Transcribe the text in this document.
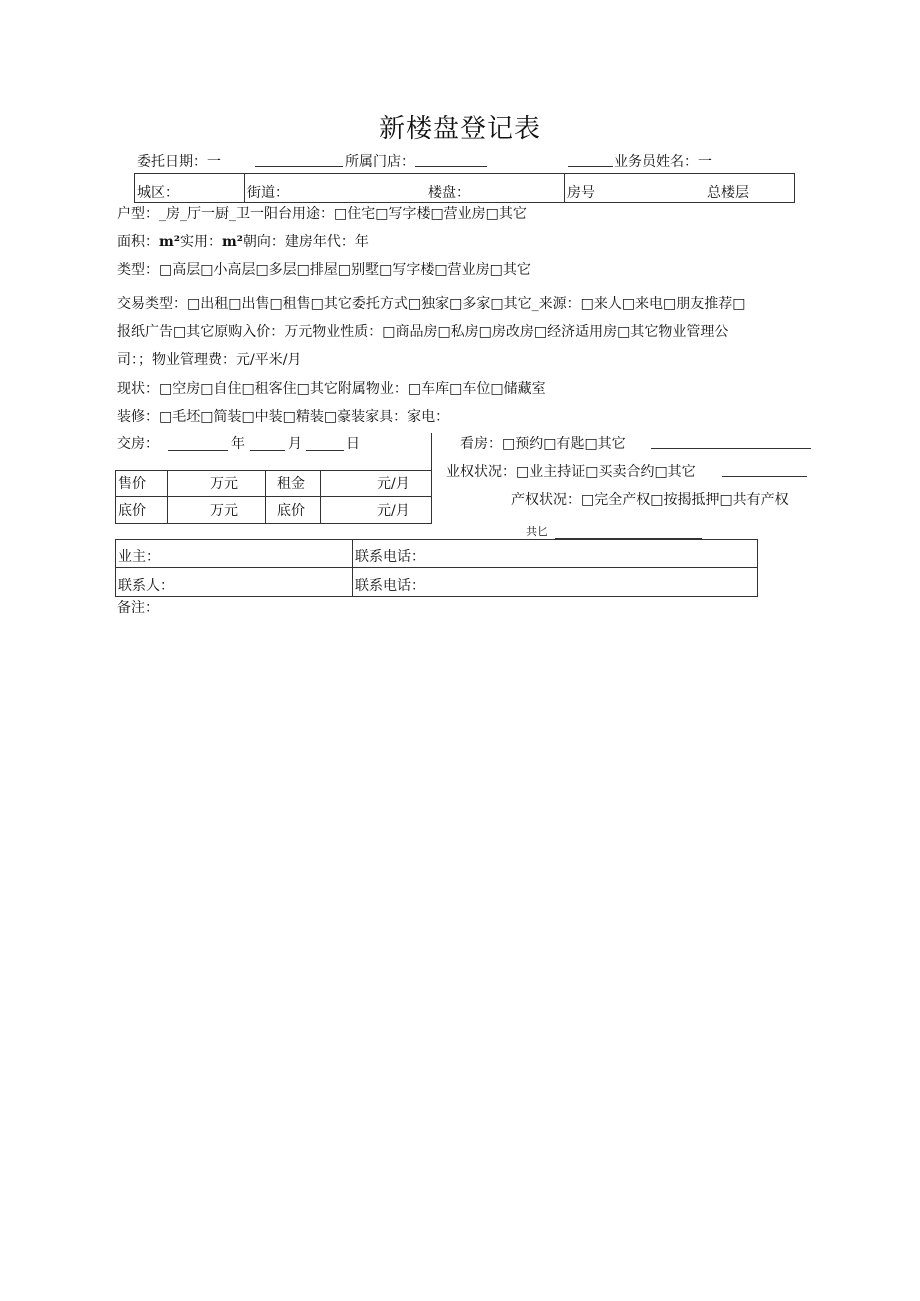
新楼盘登记表
委托日期：一	所属门店：	业务员姓名：一
城区：	街道：	楼盘：	房号	总楼层
户型：_房_厅一厨_卫一阳台用途：□住宅□写字楼□营业房□其它
面积：m²实用：m²朝向：建房年代：年
类型：□高层□小高层□多层□排屋□别墅□写字楼□营业房□其它
交易类型：□出租□出售□租售□其它委托方式□独家□多家□其它_来源：□来人□来电□朋友推荐□
报纸广告□其它原购入价：万元物业性质：□商品房□私房□房改房□经济适用房□其它物业管理公
司：；物业管理费：元/平米/月
现状：□空房□自住□租客住□其它附属物业：□车库□车位□储藏室
装修：□毛坯□简装□中装□精装□豪装家具：家电：
交房：	年	月	日
售价	万元	租金	元/月
底价	万元	底价	元/月
看房：□预约□有匙□其它
业权状况：□业主持证□买卖合约□其它
产权状况：□完全产权□按揭抵押□共有产权
共匕
业主：	联系电话：
联系人：	联系电话：
备注：
